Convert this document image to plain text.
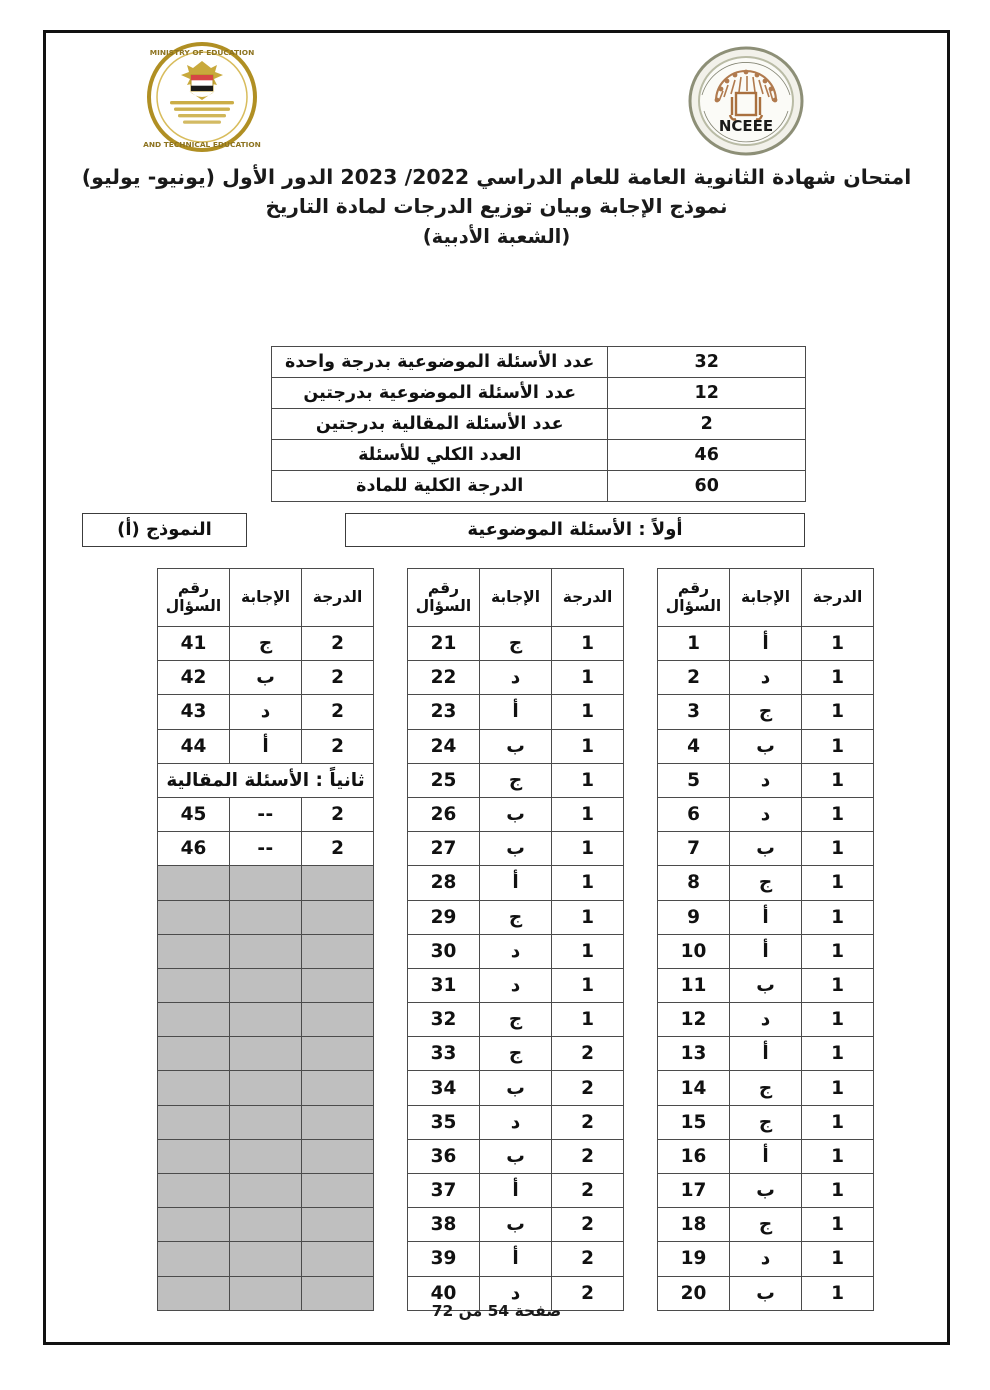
NCEEE
MINISTRY OF EDUCATION
AND TECHNICAL EDUCATION
امتحان شهادة الثانوية العامة للعام الدراسي 2022/ 2023 الدور الأول (يونيو- يوليو)
نموذج الإجابة وبيان توزيع الدرجات لمادة التاريخ
(الشعبة الأدبية)
32	عدد الأسئلة الموضوعية بدرجة واحدة
12	عدد الأسئلة الموضوعية بدرجتين
2	عدد الأسئلة المقالية بدرجتين
46	العدد الكلي للأسئلة
60	الدرجة الكلية للمادة
أولاً : الأسئلة الموضوعية
النموذج (أ)
الدرجة	الإجابة	رقم
السؤال
1	أ	1
1	د	2
1	ج	3
1	ب	4
1	د	5
1	د	6
1	ب	7
1	ج	8
1	أ	9
1	أ	10
1	ب	11
1	د	12
1	أ	13
1	ج	14
1	ج	15
1	أ	16
1	ب	17
1	ج	18
1	د	19
1	ب	20
الدرجة	الإجابة	رقم
السؤال
1	ج	21
1	د	22
1	أ	23
1	ب	24
1	ج	25
1	ب	26
1	ب	27
1	أ	28
1	ج	29
1	د	30
1	د	31
1	ج	32
2	ج	33
2	ب	34
2	د	35
2	ب	36
2	أ	37
2	ب	38
2	أ	39
2	د	40
الدرجة	الإجابة	رقم
السؤال
2	ج	41
2	ب	42
2	د	43
2	أ	44
ثانياً : الأسئلة المقالية		
2	--	45
2	--	46

صفحة 54 من 72
